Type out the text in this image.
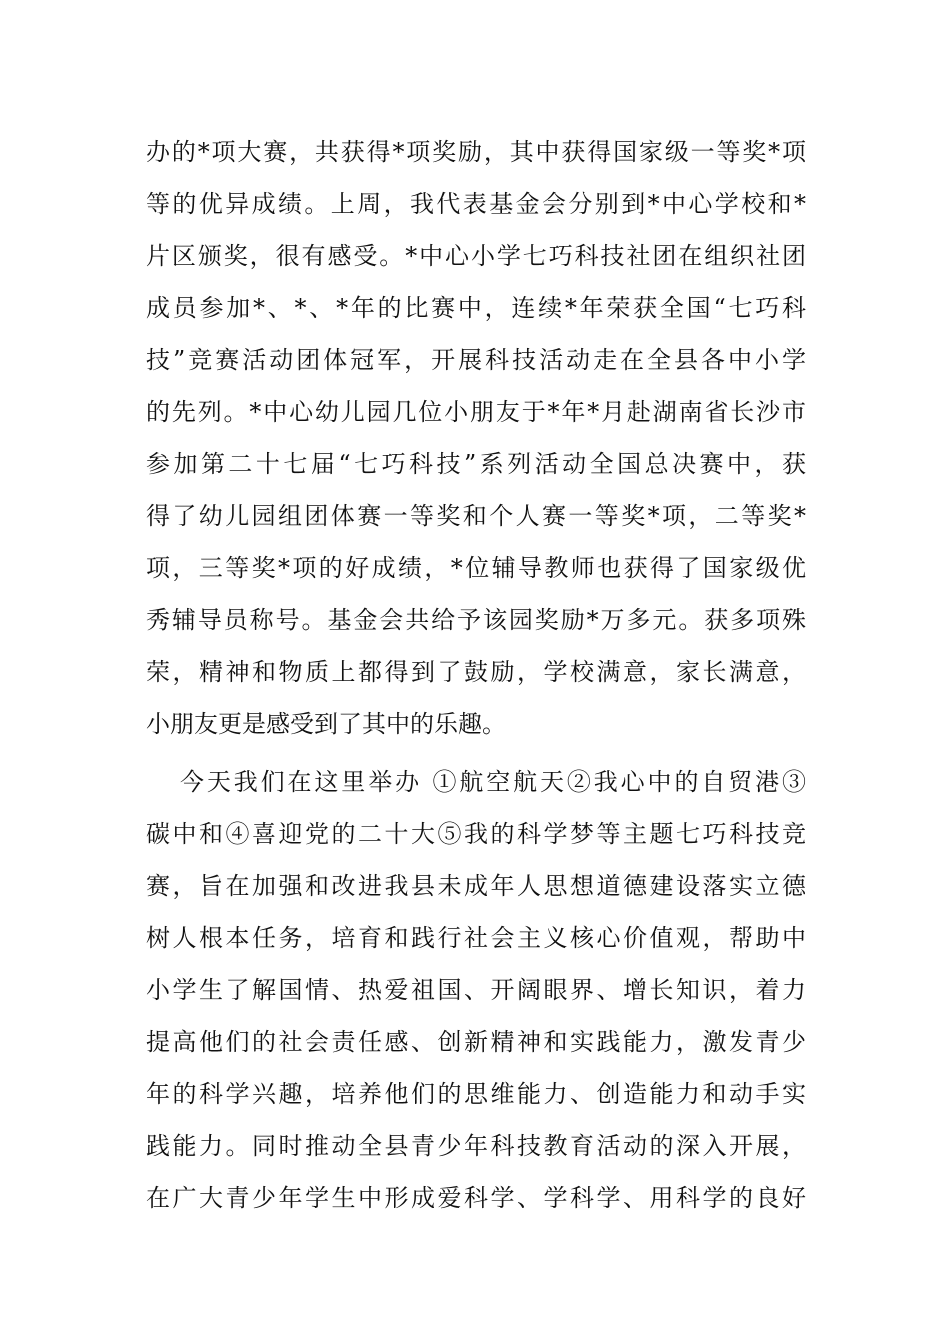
办的*项大赛，共获得*项奖励，其中获得国家级一等奖*项
等的优异成绩。上周，我代表基金会分别到*中心学校和*
片区颁奖，很有感受。*中心小学七巧科技社团在组织社团
成员参加*、*、*年的比赛中，连续*年荣获全国“七巧科
技”竞赛活动团体冠军，开展科技活动走在全县各中小学
的先列。*中心幼儿园几位小朋友于*年*月赴湖南省长沙市
参加第二十七届“七巧科技”系列活动全国总决赛中，获
得了幼儿园组团体赛一等奖和个人赛一等奖*项，二等奖*
项，三等奖*项的好成绩，*位辅导教师也获得了国家级优
秀辅导员称号。基金会共给予该园奖励*万多元。获多项殊
荣，精神和物质上都得到了鼓励，学校满意，家长满意，
小朋友更是感受到了其中的乐趣。
今天我们在这里举办 ①航空航天②我心中的自贸港③
碳中和④喜迎党的二十大⑤我的科学梦等主题七巧科技竞
赛，旨在加强和改进我县未成年人思想道德建设落实立德
树人根本任务，培育和践行社会主义核心价值观，帮助中
小学生了解国情、热爱祖国、开阔眼界、增长知识，着力
提高他们的社会责任感、创新精神和实践能力，激发青少
年的科学兴趣，培养他们的思维能力、创造能力和动手实
践能力。同时推动全县青少年科技教育活动的深入开展，
在广大青少年学生中形成爱科学、学科学、用科学的良好
